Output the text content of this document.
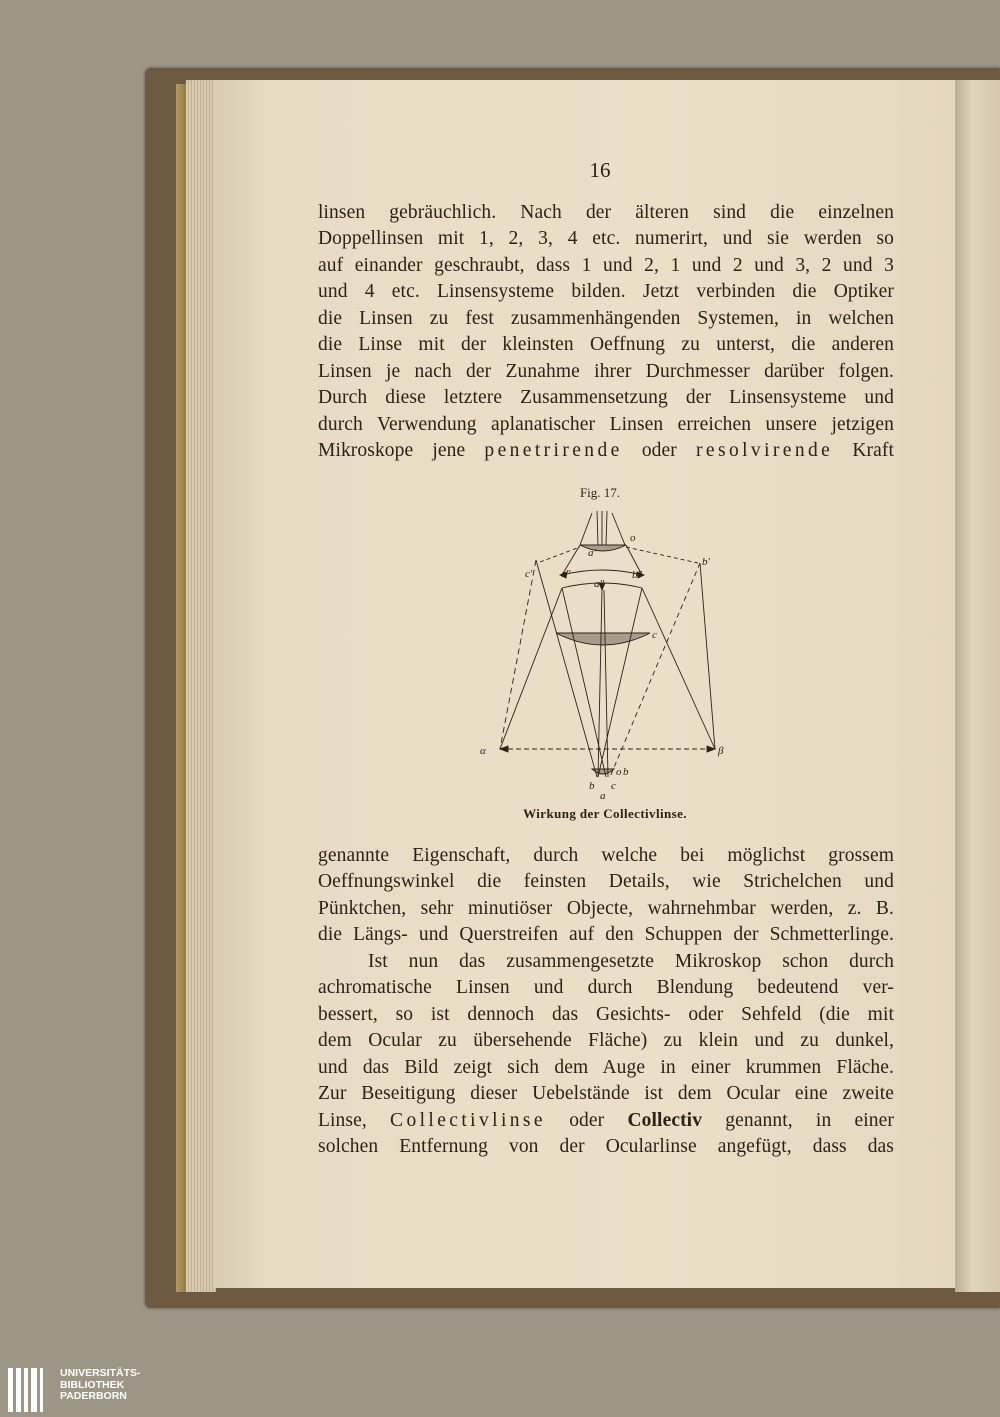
16
linsen gebräuchlich. Nach der älteren sind die einzelnen
Doppellinsen mit 1, 2, 3, 4 etc. numerirt, und sie werden so
auf einander geschraubt, dass 1 und 2, 1 und 2 und 3, 2 und 3
und 4 etc. Linsensysteme bilden. Jetzt verbinden die Optiker
die Linsen zu fest zusammenhängenden Systemen, in welchen
die Linse mit der kleinsten Oeffnung zu unterst, die anderen
Linsen je nach der Zunahme ihrer Durchmesser darüber folgen.
Durch diese letztere Zusammensetzung der Linsensysteme und
durch Verwendung aplanatischer Linsen erreichen unsere jetzigen
Mikroskope jene penetrirende oder resolvirende Kraft
Fig. 17.
o
a′
c′	c″
a″
b″
b′
c
α	β
o b
b c
a
Wirkung der Collectivlinse.
genannte Eigenschaft, durch welche bei möglichst grossem
Oeffnungswinkel die feinsten Details, wie Strichelchen und
Pünktchen, sehr minutiöser Objecte, wahrnehmbar werden, z. B.
die Längs- und Querstreifen auf den Schuppen der Schmetterlinge.
Ist nun das zusammengesetzte Mikroskop schon durch
achromatische Linsen und durch Blendung bedeutend ver-
bessert, so ist dennoch das Gesichts- oder Sehfeld (die mit
dem Ocular zu übersehende Fläche) zu klein und zu dunkel,
und das Bild zeigt sich dem Auge in einer krummen Fläche.
Zur Beseitigung dieser Uebelstände ist dem Ocular eine zweite
Linse, Collectivlinse oder Collectiv genannt, in einer
solchen Entfernung von der Ocularlinse angefügt, dass das
UNIVERSITÄTS-
BIBLIOTHEK
PADERBORN
